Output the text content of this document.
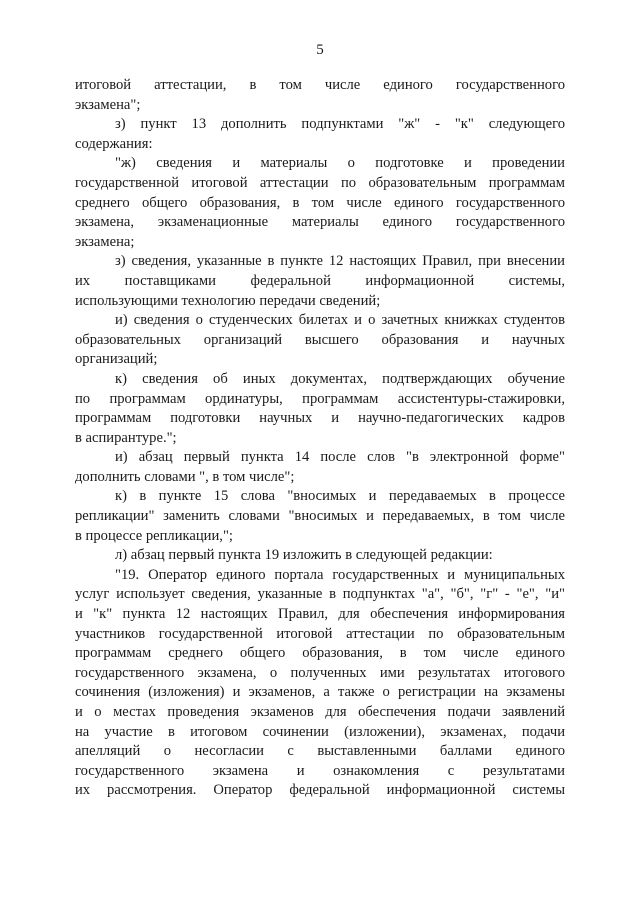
5
итоговой аттестации, в том числе единого государственного
экзамена";
з) пункт 13 дополнить подпунктами "ж" - "к" следующего
содержания:
"ж) сведения и материалы о подготовке и проведении
государственной итоговой аттестации по образовательным программам
среднего общего образования, в том числе единого государственного
экзамена, экзаменационные материалы единого государственного
экзамена;
з) сведения, указанные в пункте 12 настоящих Правил, при внесении
их поставщиками федеральной информационной системы,
использующими технологию передачи сведений;
и) сведения о студенческих билетах и о зачетных книжках студентов
образовательных организаций высшего образования и научных
организаций;
к) сведения об иных документах, подтверждающих обучение
по программам ординатуры, программам ассистентуры-стажировки,
программам подготовки научных и научно-педагогических кадров
в аспирантуре.";
и) абзац первый пункта 14 после слов "в электронной форме"
дополнить словами ", в том числе";
к) в пункте 15 слова "вносимых и передаваемых в процессе
репликации" заменить словами "вносимых и передаваемых, в том числе
в процессе репликации,";
л) абзац первый пункта 19 изложить в следующей редакции:
"19. Оператор единого портала государственных и муниципальных
услуг использует сведения, указанные в подпунктах "а", "б", "г" - "е", "и"
и "к" пункта 12 настоящих Правил, для обеспечения информирования
участников государственной итоговой аттестации по образовательным
программам среднего общего образования, в том числе единого
государственного экзамена, о полученных ими результатах итогового
сочинения (изложения) и экзаменов, а также о регистрации на экзамены
и о местах проведения экзаменов для обеспечения подачи заявлений
на участие в итоговом сочинении (изложении), экзаменах, подачи
апелляций о несогласии с выставленными баллами единого
государственного экзамена и ознакомления с результатами
их рассмотрения. Оператор федеральной информационной системы
